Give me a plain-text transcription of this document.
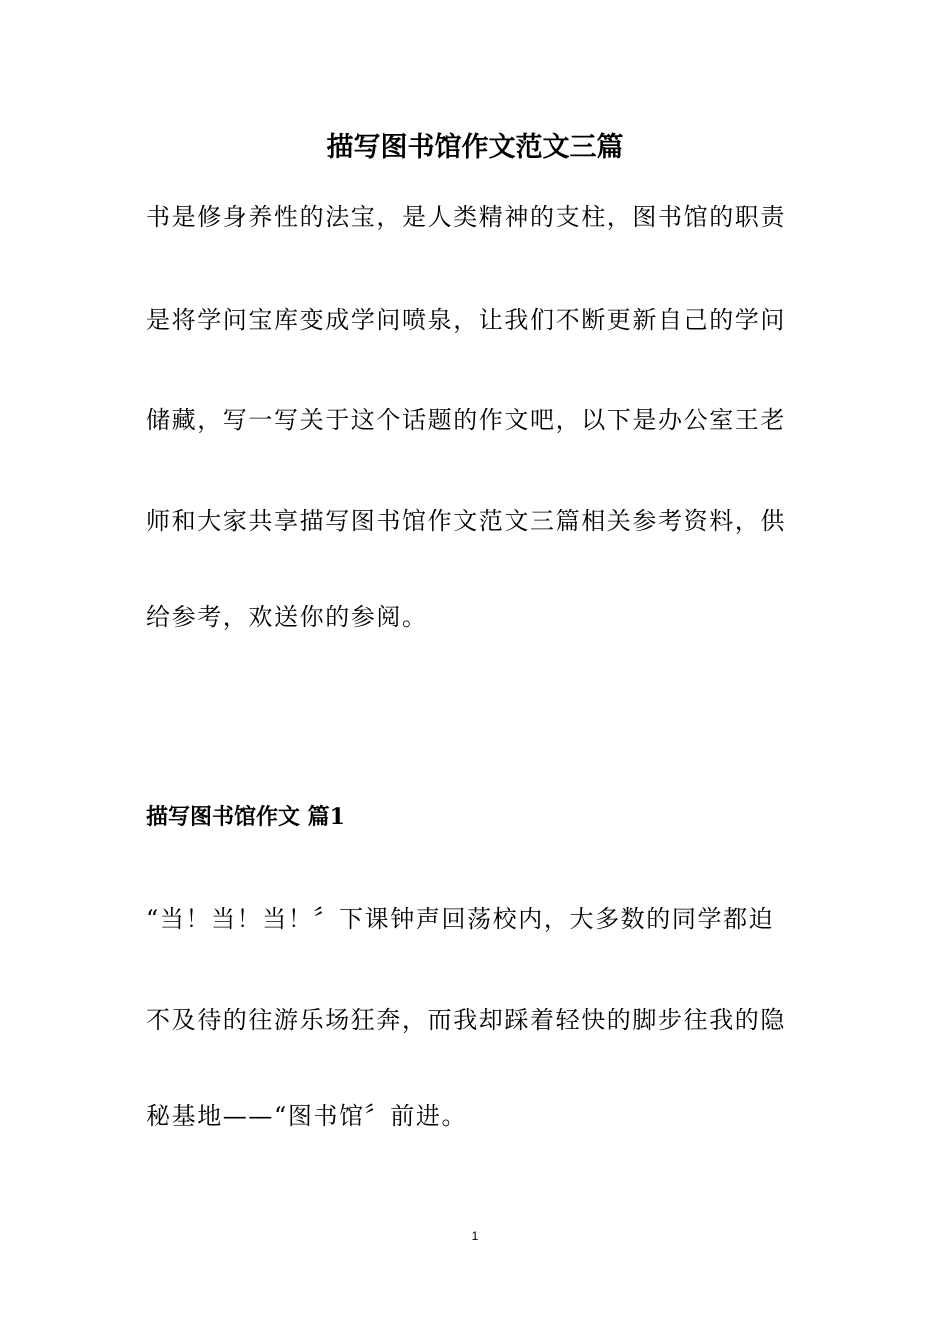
描写图书馆作文范文三篇

书是修身养性的法宝，是人类精神的支柱，图书馆的职责

是将学问宝库变成学问喷泉，让我们不断更新自己的学问

储藏，写一写关于这个话题的作文吧，以下是办公室王老

师和大家共享描写图书馆作文范文三篇相关参考资料，供

给参考，欢送你的参阅。

描写图书馆作文 篇1

“当！当！当！〞下课钟声回荡校内，大多数的同学都迫

不及待的往游乐场狂奔，而我却踩着轻快的脚步往我的隐

秘基地——“图书馆〞前进。

1
